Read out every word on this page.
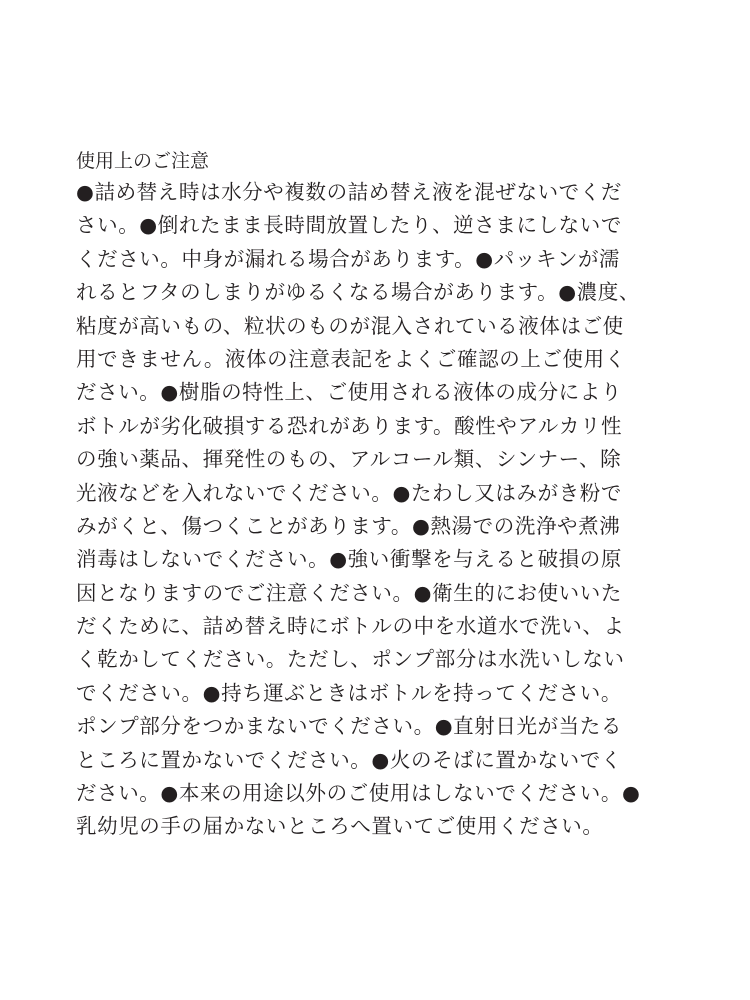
使用上のご注意
●詰め替え時は水分や複数の詰め替え液を混ぜないでくだ
さい。●倒れたまま長時間放置したり、逆さまにしないで
ください。中身が漏れる場合があります。●パッキンが濡
れるとフタのしまりがゆるくなる場合があります。●濃度、
粘度が高いもの、粒状のものが混入されている液体はご使
用できません。液体の注意表記をよくご確認の上ご使用く
ださい。●樹脂の特性上、ご使用される液体の成分により
ボトルが劣化破損する恐れがあります。酸性やアルカリ性
の強い薬品、揮発性のもの、アルコール類、シンナー、除
光液などを入れないでください。●たわし又はみがき粉で
みがくと、傷つくことがあります。●熱湯での洗浄や煮沸
消毒はしないでください。●強い衝撃を与えると破損の原
因となりますのでご注意ください。●衛生的にお使いいた
だくために、詰め替え時にボトルの中を水道水で洗い、よ
く乾かしてください。ただし、ポンプ部分は水洗いしない
でください。●持ち運ぶときはボトルを持ってください。
ポンプ部分をつかまないでください。●直射日光が当たる
ところに置かないでください。●火のそばに置かないでく
ださい。●本来の用途以外のご使用はしないでください。●
乳幼児の手の届かないところへ置いてご使用ください。
